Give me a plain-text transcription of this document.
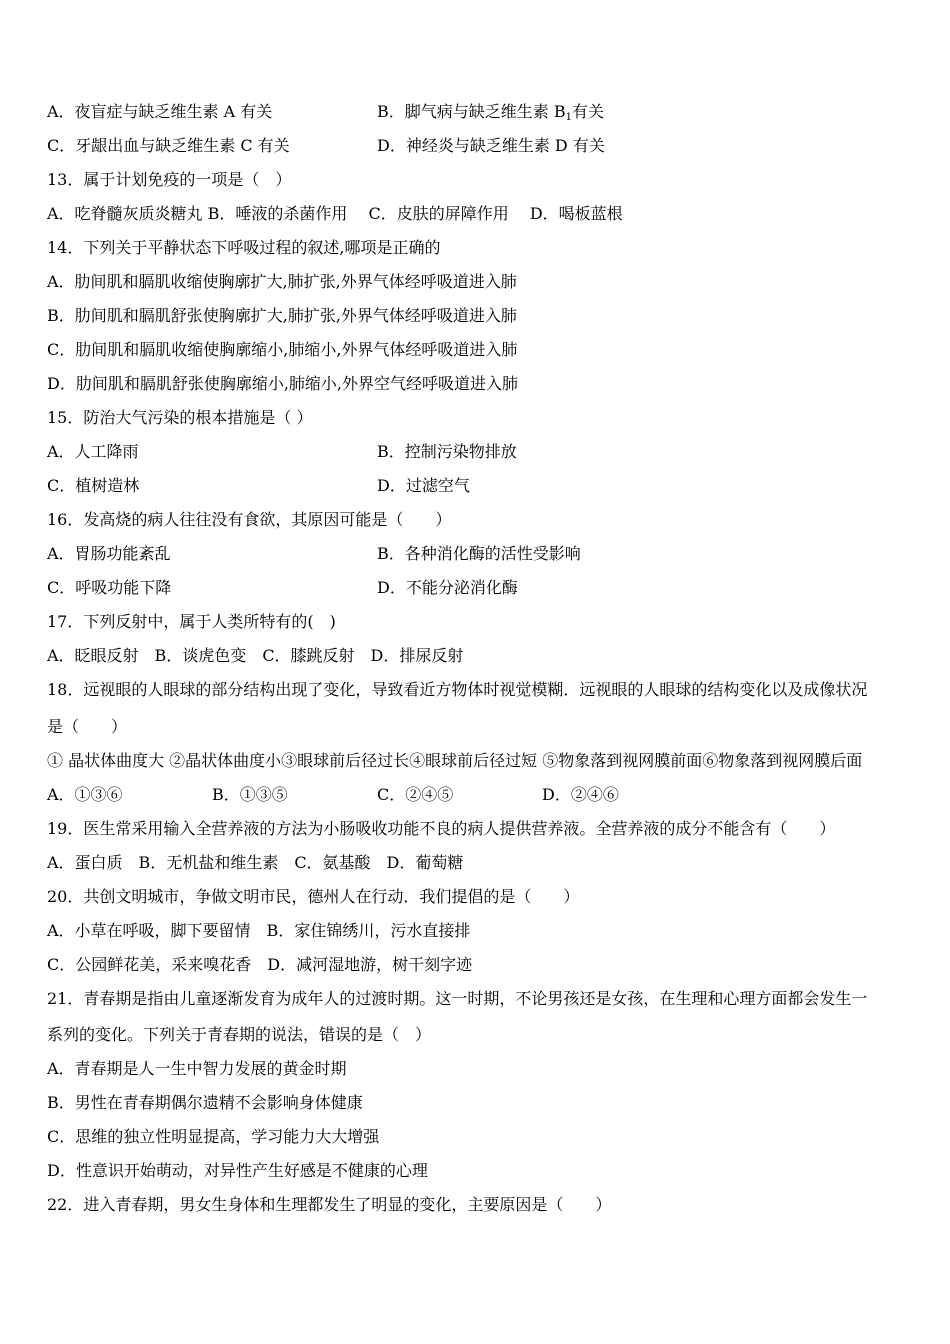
A．夜盲症与缺乏维生素 A 有关	B．脚气病与缺乏维生素 B1有关
C．牙龈出血与缺乏维生素 C 有关	D．神经炎与缺乏维生素 D 有关
13．属于计划免疫的一项是（　）
A．吃脊髓灰质炎糖丸 B．唾液的杀菌作用　 C．皮肤的屏障作用　 D．喝板蓝根
14．下列关于平静状态下呼吸过程的叙述,哪项是正确的
A．肋间肌和膈肌收缩使胸廓扩大,肺扩张,外界气体经呼吸道进入肺
B．肋间肌和膈肌舒张使胸廓扩大,肺扩张,外界气体经呼吸道进入肺
C．肋间肌和膈肌收缩使胸廓缩小,肺缩小,外界气体经呼吸道进入肺
D．肋间肌和膈肌舒张使胸廓缩小,肺缩小,外界空气经呼吸道进入肺
15．防治大气污染的根本措施是（ ）
A．人工降雨	B．控制污染物排放
C．植树造林	D．过滤空气
16．发高烧的病人往往没有食欲，其原因可能是（　　）
A．胃肠功能紊乱	B．各种消化酶的活性受影响
C．呼吸功能下降	D．不能分泌消化酶
17．下列反射中，属于人类所特有的(　)
A．眨眼反射　B．谈虎色变　C．膝跳反射　D．排尿反射
18．远视眼的人眼球的部分结构出现了变化，导致看近方物体时视觉模糊．远视眼的人眼球的结构变化以及成像状况
是（　　）
① 晶状体曲度大 ②晶状体曲度小③眼球前后径过长④眼球前后径过短 ⑤物象落到视网膜前面⑥物象落到视网膜后面
A．①③⑥	B．①③⑤	C．②④⑤	D．②④⑥
19．医生常采用输入全营养液的方法为小肠吸收功能不良的病人提供营养液。全营养液的成分不能含有（　　）
A．蛋白质　B．无机盐和维生素　C．氨基酸　D．葡萄糖
20．共创文明城市，争做文明市民，德州人在行动．我们提倡的是（　　）
A．小草在呼吸，脚下要留情　B．家住锦绣川，污水直接排
C．公园鲜花美，采来嗅花香　D．减河湿地游，树干刻字迹
21．青春期是指由儿童逐渐发育为成年人的过渡时期。这一时期，不论男孩还是女孩，在生理和心理方面都会发生一
系列的变化。下列关于青春期的说法，错误的是（　）
A．青春期是人一生中智力发展的黄金时期
B．男性在青春期偶尔遗精不会影响身体健康
C．思维的独立性明显提高，学习能力大大增强
D．性意识开始萌动，对异性产生好感是不健康的心理
22．进入青春期，男女生身体和生理都发生了明显的变化，主要原因是（　　）
